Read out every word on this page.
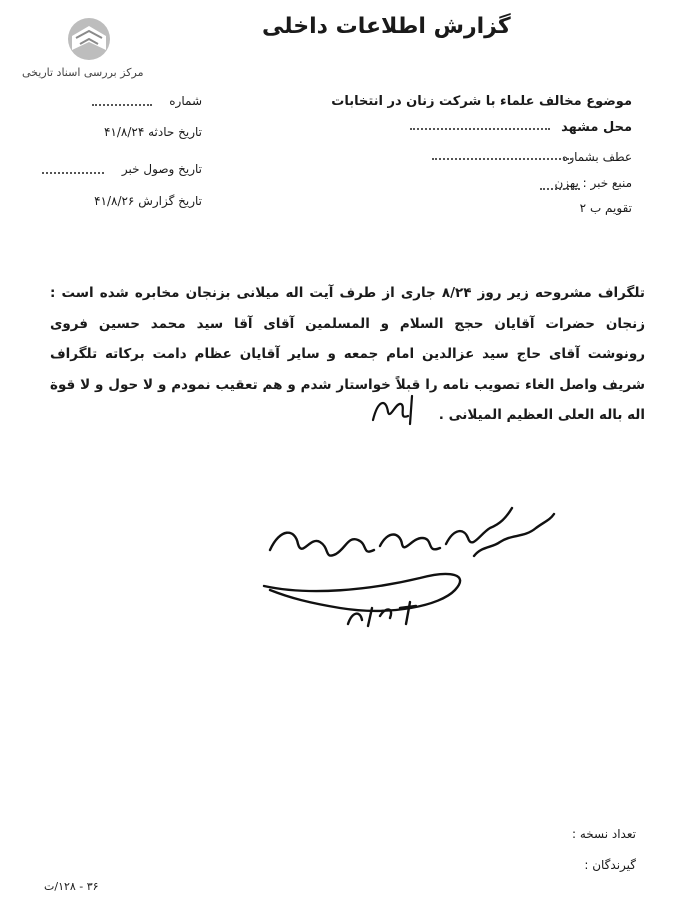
مرکز بررسی اسناد تاریخی
گزارش اطلاعات داخلی
موضوع مخالف علماء با شرکت زنان در انتخابات
محل مشهد
عطف بشماره
منبع خبر : بهزن
تقویم ب ۲
شماره
تاریخ حادثه ۴۱/۸/۲۴
تاریخ وصول خبر
تاریخ گزارش ۴۱/۸/۲۶
تلگراف مشروحه زیر روز ۸/۲۴ جاری از طرف آیت اله میلانی بزنجان مخابره شده است :
زنجان حضرات آقایان حجج السلام و المسلمین آقای آقا سید محمد حسین فروی
رونوشت آقای حاج سید عزالدین امام جمعه و سایر آقایان عظام دامت برکاته تلگراف
شریف واصل الغاء تصویب نامه را قبلاً خواستار شدم و هم تعقیب نمودم و لا حول و لا قوة
اله باله العلی العظیم المیلانی .
تعداد نسخه :
گیرندگان :
۳۶ - ۱۲۸/ت
